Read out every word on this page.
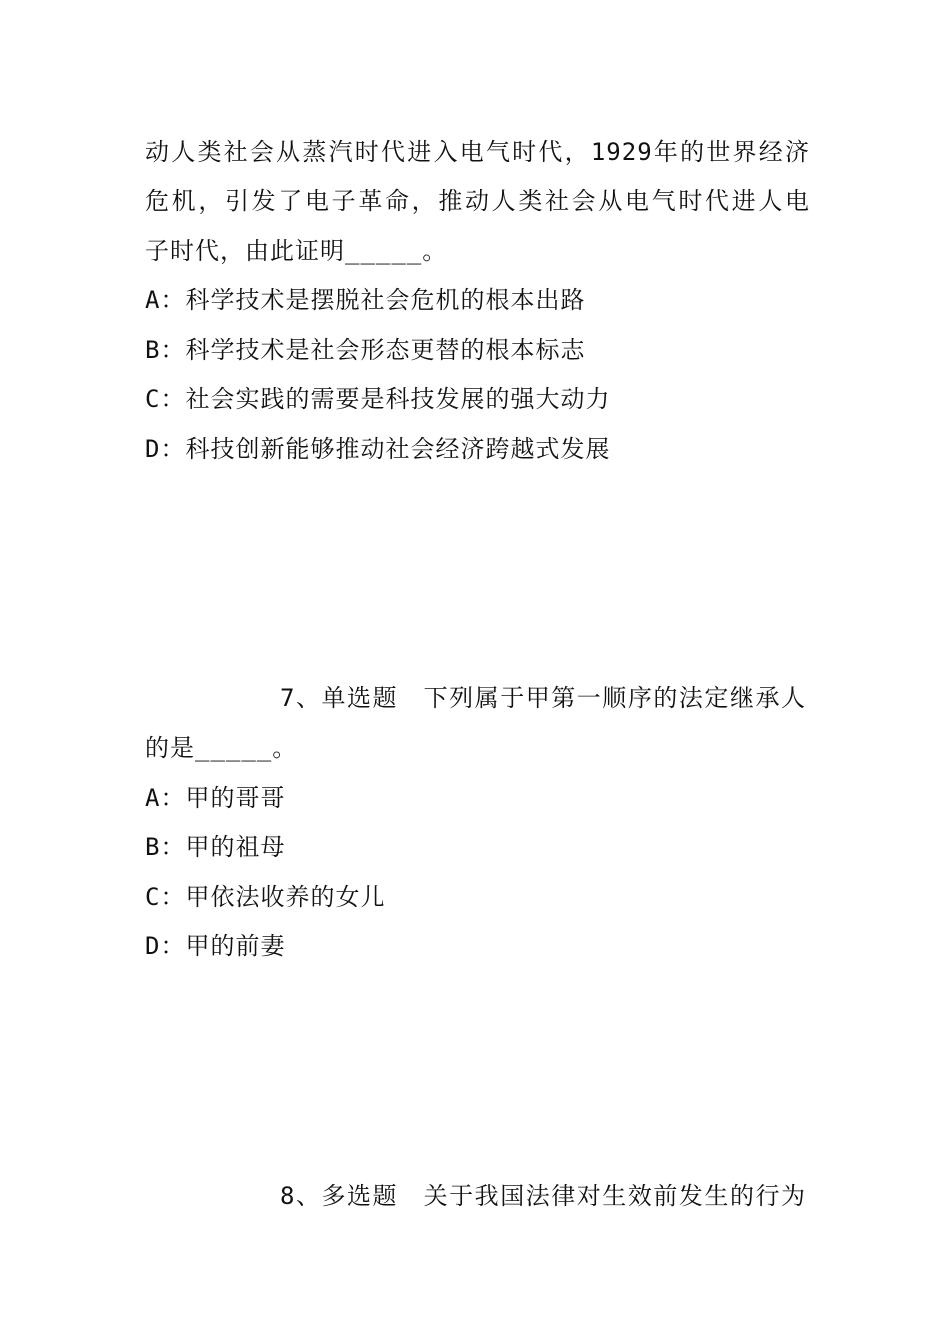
动人类社会从蒸汽时代进入电气时代，1929年的世界经济
危机，引发了电子革命，推动人类社会从电气时代进人电
子时代，由此证明_____。
A：科学技术是摆脱社会危机的根本出路
B：科学技术是社会形态更替的根本标志
C：社会实践的需要是科技发展的强大动力
D：科技创新能够推动社会经济跨越式发展
7、单选题　下列属于甲第一顺序的法定继承人
的是_____。
A：甲的哥哥
B：甲的祖母
C：甲依法收养的女儿
D：甲的前妻
8、多选题　关于我国法律对生效前发生的行为
